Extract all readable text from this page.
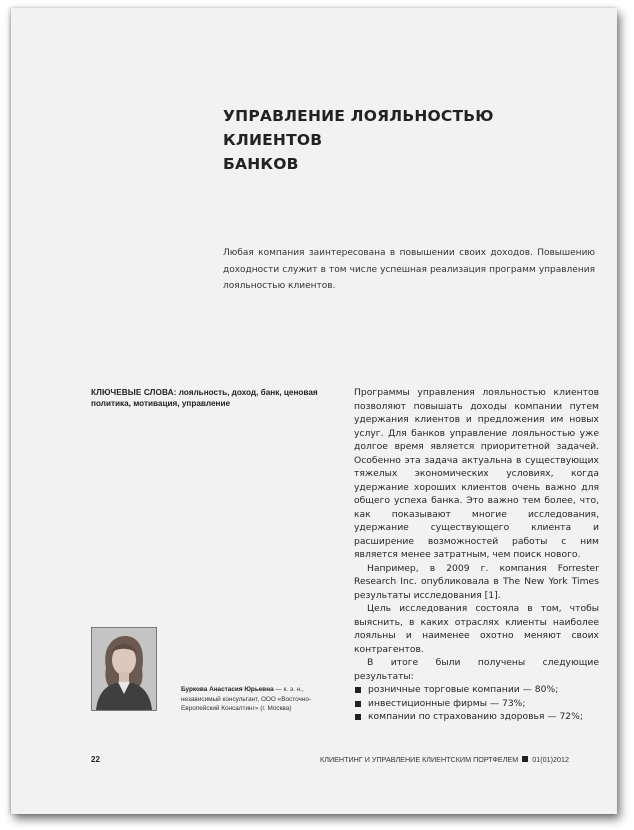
УПРАВЛЕНИЕ ЛОЯЛЬНОСТЬЮ КЛИЕНТОВ
БАНКОВ

Любая компания заинтересована в повышении своих доходов. Повышению доходности служит в том числе успешная реализация программ управления лояльностью клиентов.

КЛЮЧЕВЫЕ СЛОВА: лояльность, доход, банк, ценовая политика, мотивация, управление

Программы управления лояльностью клиентов позволяют повышать доходы компании путем удержания клиентов и предложения им новых услуг. Для банков управление лояльностью уже долгое время является приоритетной задачей. Особенно эта задача актуальна в существующих тяжелых экономических условиях, когда удержание хороших клиентов очень важно для общего успеха банка. Это важно тем более, что, как показывают многие исследования, удержание существующего клиента и расширение возможностей работы с ним является менее затратным, чем поиск нового.

Например, в 2009 г. компания Forrester Research Inc. опубликовала в The New York Times результаты исследования [1].

Цель исследования состояла в том, чтобы выяснить, в каких отраслях клиенты наиболее лояльны и наименее охотно меняют своих контрагентов.

В итоге были получены следующие результаты:

розничные торговые компании — 80%;
инвестиционные фирмы — 73%;
компании по страхованию здоровья — 72%;

Буркова Анастасия Юрьевна — к. э. н., независимый консультант, ООО «Восточно-Европейский Консалтинг» (г. Москва)

22	КЛИЕНТИНГ И УПРАВЛЕНИЕ КЛИЕНТСКИМ ПОРТФЕЛЕМ 01(01)2012
